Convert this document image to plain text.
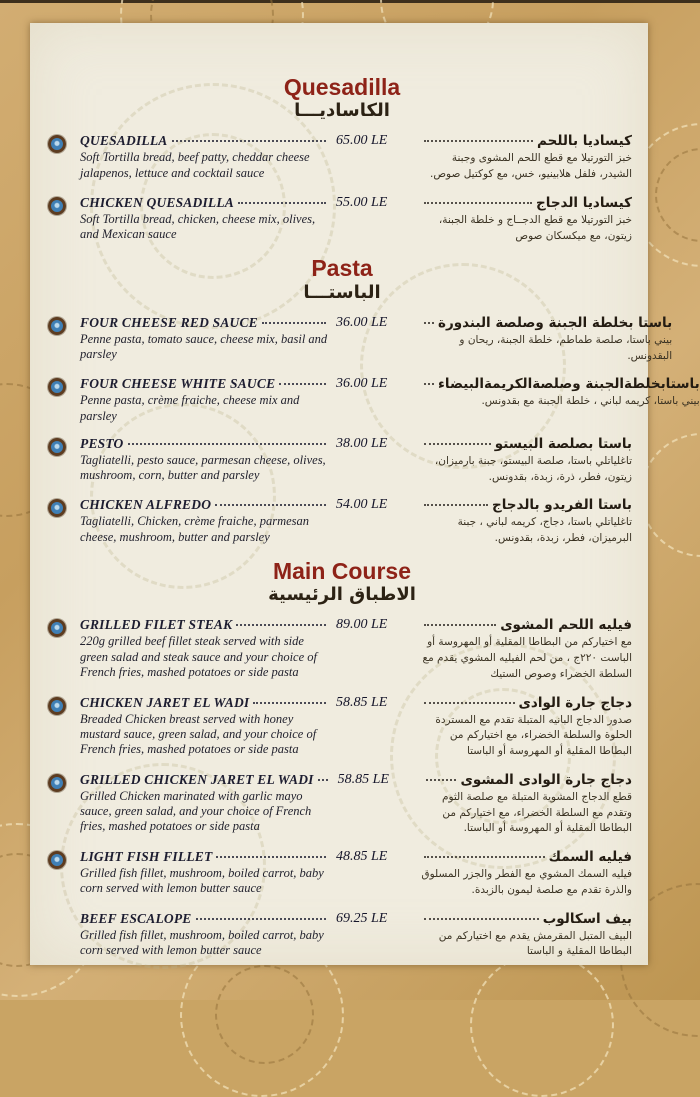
Quesadilla
الكاساديـــا
QUESADILLA
Soft Tortilla bread, beef patty, cheddar cheese jalapenos, lettuce and cocktail sauce
65.00 LE	كيساديا باللحم
خبز التورتيلا مع قطع اللحم المشوى وجبنة الشيدر، فلفل هلابينيو، خس، مع كوكتيل صوص.
CHICKEN QUESADILLA
Soft Tortilla bread, chicken, cheese mix, olives, and Mexican sauce
55.00 LE	كيساديا الدجاج
خبز التورتيلا مع قطع الدجــاج و خلطة الجبنة، زيتون، مع ميكسكان صوص
Pasta
الباستـــا
FOUR CHEESE RED SAUCE
Penne pasta, tomato sauce, cheese mix, basil and parsley
36.00 LE	باستا بخلطة الجبنة وصلصة البندورة
بيني باستا، صلصة طماطم، خلطة الجبنة، ريحان و البقدونس.
FOUR CHEESE WHITE SAUCE
Penne pasta, crème fraiche, cheese mix and parsley
36.00 LE	باستابخلطةالجبنة وصلصةالكريمةالبيضاء
بيني باستا، كريمه لباني ، خلطة الجبنة مع بقدونس.
PESTO
Tagliatelli, pesto sauce, parmesan cheese, olives, mushroom, corn, butter and parsley
38.00 LE	باستا بصلصة البيستو
تاغلياتلي باستا، صلصة البيستو، جبنة بارميزان، زيتون، فطر، ذرة، زبدة، بقدونس.
CHICKEN ALFREDO
Tagliatelli, Chicken, crème fraiche, parmesan cheese, mushroom, butter and parsley
54.00 LE	باستا الفريدو بالدجاج
تاغلياتلي باستا، دجاج، كريمه لباني ، جبنة البرميزان، فطر، زبدة، بقدونس.
Main Course
الاطباق الرئيسية
GRILLED FILET STEAK
220g grilled beef fillet steak served with side green salad and steak sauce and your choice of French fries, mashed potatoes or side pasta
89.00 LE	فيليه اللحم المشوى
مع اختياركم من البطاطا المقلية أو المهروسة أو الباست ٢٢٠ج ، من لحم الفيليه المشوي يقدم مع السلطة الخضراء وصوص الستيك
CHICKEN JARET EL WADI
Breaded Chicken breast served with honey mustard sauce, green salad, and your choice of French fries, mashed potatoes or side pasta
58.85 LE	دجاج جارة الوادى
صدور الدجاج البانيه المتبلة تقدم مع المستردة الحلوة والسلطة الخضراء، مع اختياركم من البطاطا المقلية أو المهروسة أو الباستا
GRILLED CHICKEN JARET EL WADI
Grilled Chicken marinated with garlic mayo sauce, green salad, and your choice of French fries, mashed potatoes or side pasta
58.85 LE	دجاج جارة الوادى المشوى
قطع الدجاج المشوية المتبلة مع صلصة الثوم وتقدم مع السلطة الخضراء، مع اختياركم من البطاطا المقلية أو المهروسة أو الباستا.
LIGHT FISH FILLET
Grilled fish fillet, mushroom, boiled carrot, baby corn served with lemon butter sauce
48.85 LE	فيليه السمك
فيليه السمك المشوي مع الفطر والجزر المسلوق والذرة تقدم مع صلصة ليمون بالزبدة.
BEEF ESCALOPE
Grilled fish fillet, mushroom, boiled carrot, baby corn served with lemon butter sauce
69.25 LE	بيف اسكالوب
البيف المتبل المقرمش يقدم مع اختياركم من البطاطا المقلية و الباستا
